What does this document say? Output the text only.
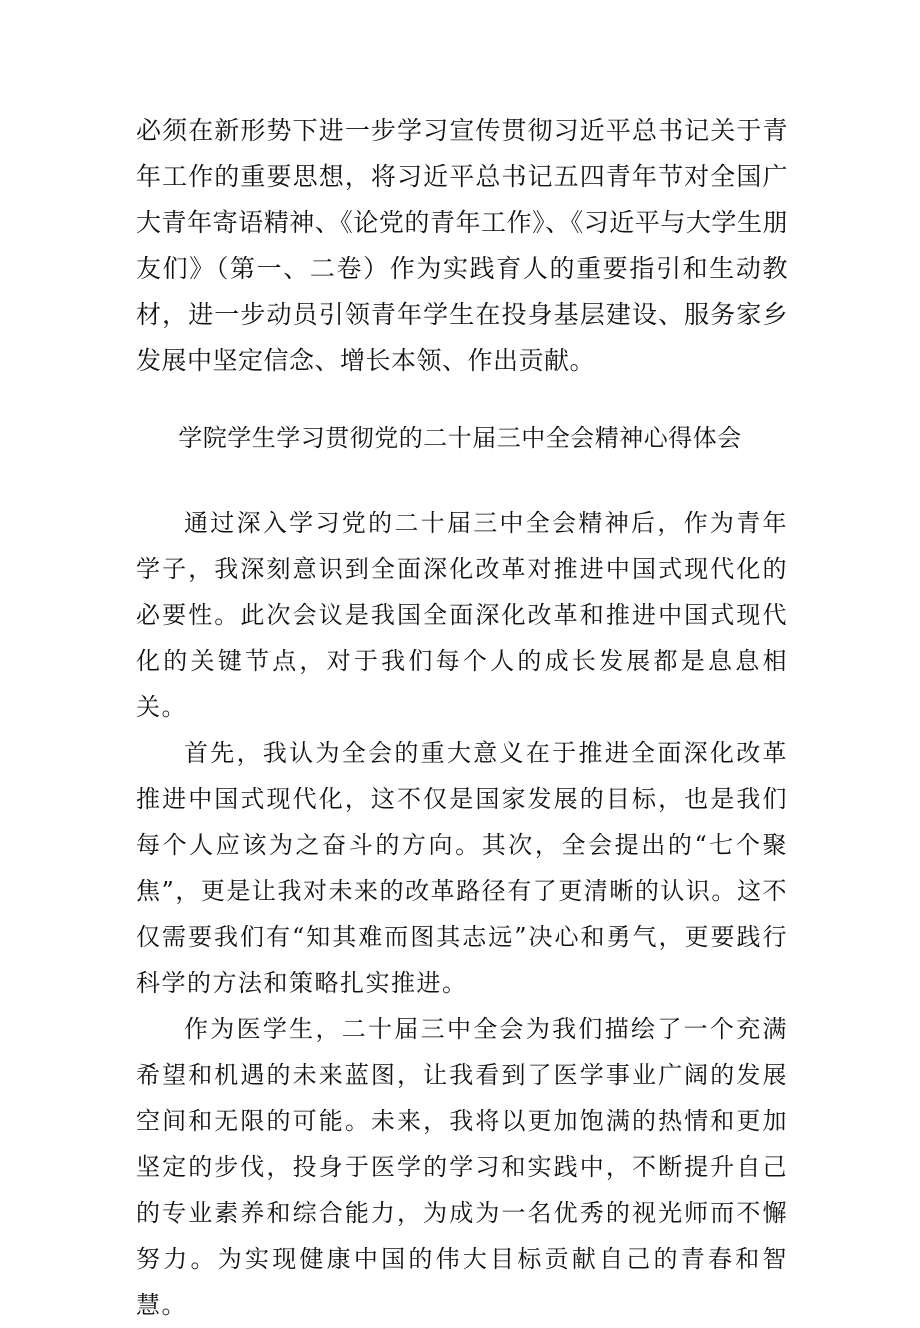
必须在新形势下进一步学习宣传贯彻习近平总书记关于青年工作的重要思想，将习近平总书记五四青年节对全国广大青年寄语精神、《论党的青年工作》、《习近平与大学生朋友们》（第一、二卷）作为实践育人的重要指引和生动教材，进一步动员引领青年学生在投身基层建设、服务家乡发展中坚定信念、增长本领、作出贡献。

学院学生学习贯彻党的二十届三中全会精神心得体会

通过深入学习党的二十届三中全会精神后，作为青年学子，我深刻意识到全面深化改革对推进中国式现代化的必要性。此次会议是我国全面深化改革和推进中国式现代化的关键节点，对于我们每个人的成长发展都是息息相关。

首先，我认为全会的重大意义在于推进全面深化改革推进中国式现代化，这不仅是国家发展的目标，也是我们每个人应该为之奋斗的方向。其次，全会提出的“七个聚焦”，更是让我对未来的改革路径有了更清晰的认识。这不仅需要我们有“知其难而图其志远”决心和勇气，更要践行科学的方法和策略扎实推进。

作为医学生，二十届三中全会为我们描绘了一个充满希望和机遇的未来蓝图，让我看到了医学事业广阔的发展空间和无限的可能。未来，我将以更加饱满的热情和更加坚定的步伐，投身于医学的学习和实践中，不断提升自己的专业素养和综合能力，为成为一名优秀的视光师而不懈努力。为实现健康中国的伟大目标贡献自己的青春和智慧。
